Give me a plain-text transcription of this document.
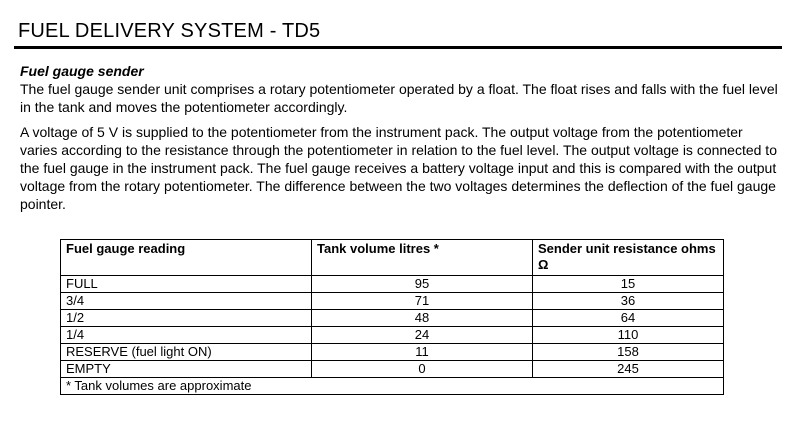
FUEL DELIVERY SYSTEM - TD5
Fuel gauge sender

The fuel gauge sender unit comprises a rotary potentiometer operated by a float. The float rises and falls with the fuel level in the tank and moves the potentiometer accordingly.

A voltage of 5 V is supplied to the potentiometer from the instrument pack. The output voltage from the potentiometer varies according to the resistance through the potentiometer in relation to the fuel level. The output voltage is connected to the fuel gauge in the instrument pack. The fuel gauge receives a battery voltage input and this is compared with the output voltage from the rotary potentiometer. The difference between the two voltages determines the deflection of the fuel gauge pointer.

Fuel gauge reading	Tank volume litres *	Sender unit resistance ohms Ω
FULL	95	15
3/4	71	36
1/2	48	64
1/4	24	110
RESERVE (fuel light ON)	11	158
EMPTY	0	245
* Tank volumes are approximate		
